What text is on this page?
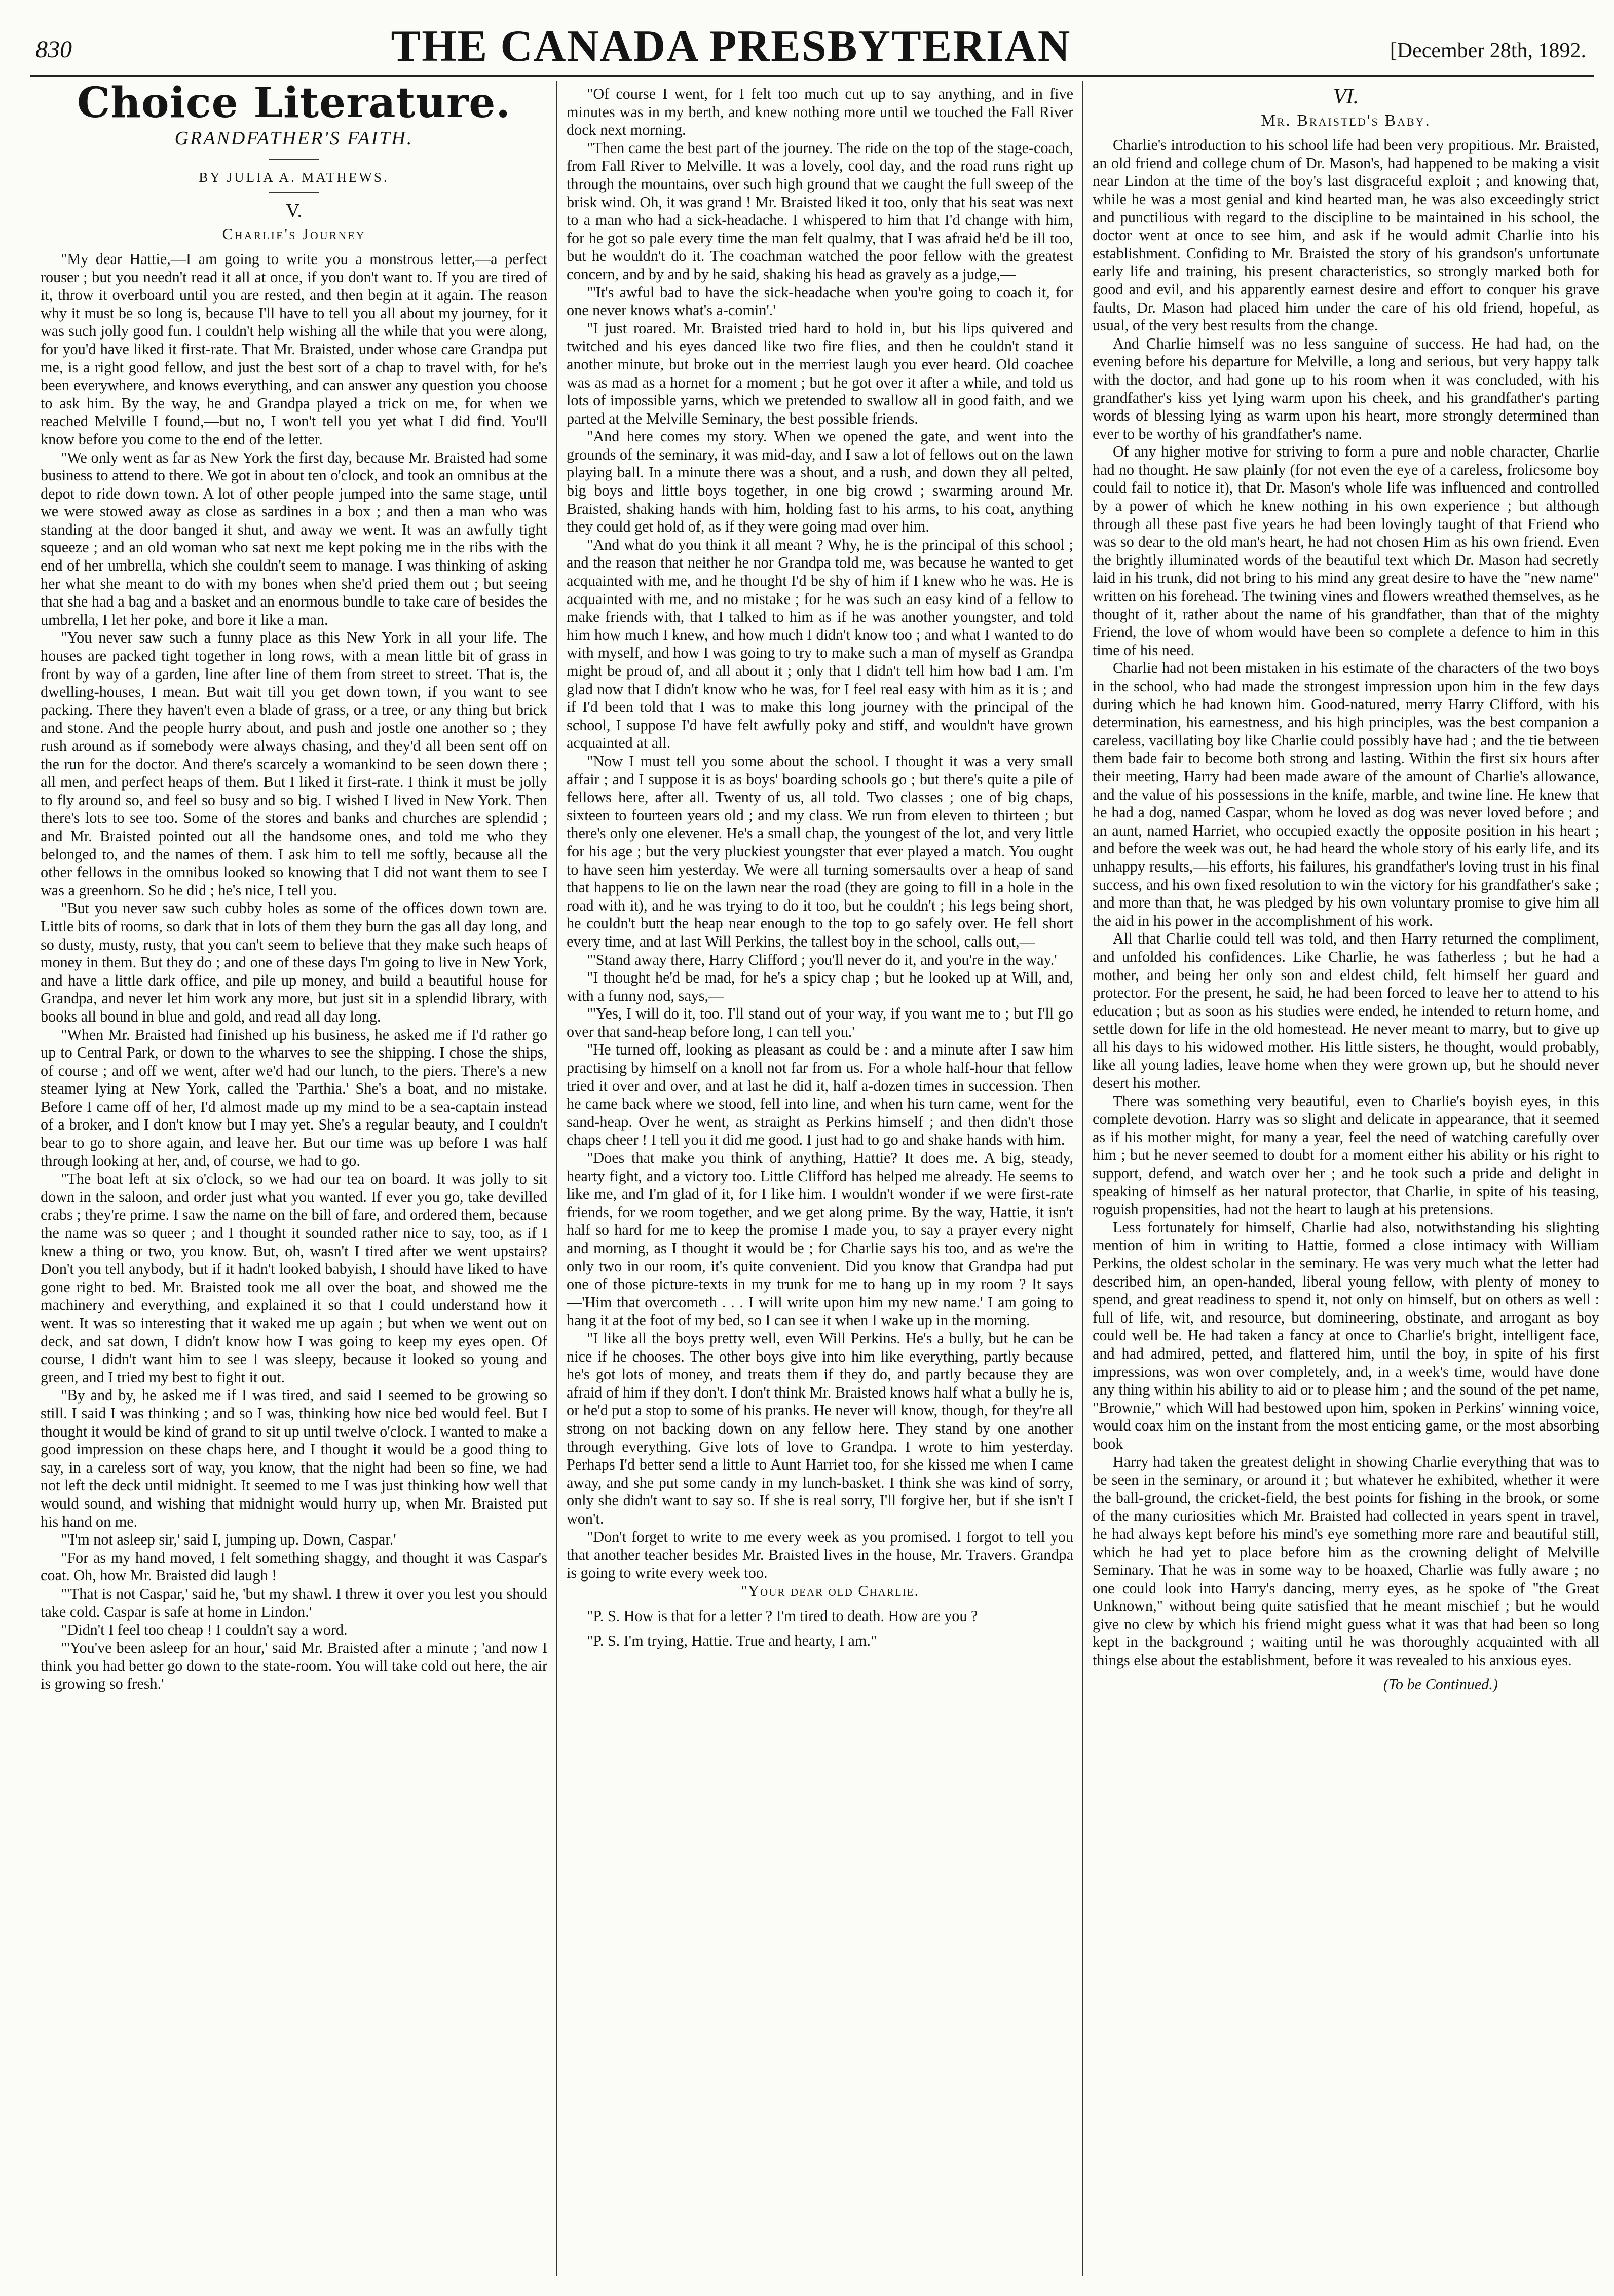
830	THE CANADA PRESBYTERIAN	[December 28th, 1892.
Choice Literature.
GRANDFATHER'S FAITH.
BY JULIA A. MATHEWS.
V.
Charlie's Journey

"My dear Hattie,—I am going to write you a monstrous letter,—a perfect rouser ; but you needn't read it all at once, if you don't want to. If you are tired of it, throw it overboard until you are rested, and then begin at it again. The reason why it must be so long is, because I'll have to tell you all about my journey, for it was such jolly good fun. I couldn't help wishing all the while that you were along, for you'd have liked it first-rate. That Mr. Braisted, under whose care Grandpa put me, is a right good fellow, and just the best sort of a chap to travel with, for he's been everywhere, and knows everything, and can answer any question you choose to ask him. By the way, he and Grandpa played a trick on me, for when we reached Melville I found,—but no, I won't tell you yet what I did find. You'll know before you come to the end of the letter.

"We only went as far as New York the first day, because Mr. Braisted had some business to attend to there. We got in about ten o'clock, and took an omnibus at the depot to ride down town. A lot of other people jumped into the same stage, until we were stowed away as close as sardines in a box ; and then a man who was standing at the door banged it shut, and away we went. It was an awfully tight squeeze ; and an old woman who sat next me kept poking me in the ribs with the end of her umbrella, which she couldn't seem to manage. I was thinking of asking her what she meant to do with my bones when she'd pried them out ; but seeing that she had a bag and a basket and an enormous bundle to take care of besides the umbrella, I let her poke, and bore it like a man.

"You never saw such a funny place as this New York in all your life. The houses are packed tight together in long rows, with a mean little bit of grass in front by way of a garden, line after line of them from street to street. That is, the dwelling-houses, I mean. But wait till you get down town, if you want to see packing. There they haven't even a blade of grass, or a tree, or any thing but brick and stone. And the people hurry about, and push and jostle one another so ; they rush around as if somebody were always chasing, and they'd all been sent off on the run for the doctor. And there's scarcely a womankind to be seen down there ; all men, and perfect heaps of them. But I liked it first-rate. I think it must be jolly to fly around so, and feel so busy and so big. I wished I lived in New York. Then there's lots to see too. Some of the stores and banks and churches are splendid ; and Mr. Braisted pointed out all the handsome ones, and told me who they belonged to, and the names of them. I ask him to tell me softly, because all the other fellows in the omnibus looked so knowing that I did not want them to see I was a greenhorn. So he did ; he's nice, I tell you.

"But you never saw such cubby holes as some of the offices down town are. Little bits of rooms, so dark that in lots of them they burn the gas all day long, and so dusty, musty, rusty, that you can't seem to believe that they make such heaps of money in them. But they do ; and one of these days I'm going to live in New York, and have a little dark office, and pile up money, and build a beautiful house for Grandpa, and never let him work any more, but just sit in a splendid library, with books all bound in blue and gold, and read all day long.

"When Mr. Braisted had finished up his business, he asked me if I'd rather go up to Central Park, or down to the wharves to see the shipping. I chose the ships, of course ; and off we went, after we'd had our lunch, to the piers. There's a new steamer lying at New York, called the 'Parthia.' She's a boat, and no mistake. Before I came off of her, I'd almost made up my mind to be a sea-captain instead of a broker, and I don't know but I may yet. She's a regular beauty, and I couldn't bear to go to shore again, and leave her. But our time was up before I was half through looking at her, and, of course, we had to go.

"The boat left at six o'clock, so we had our tea on board. It was jolly to sit down in the saloon, and order just what you wanted. If ever you go, take devilled crabs ; they're prime. I saw the name on the bill of fare, and ordered them, because the name was so queer ; and I thought it sounded rather nice to say, too, as if I knew a thing or two, you know. But, oh, wasn't I tired after we went upstairs? Don't you tell anybody, but if it hadn't looked babyish, I should have liked to have gone right to bed. Mr. Braisted took me all over the boat, and showed me the machinery and everything, and explained it so that I could understand how it went. It was so interesting that it waked me up again ; but when we went out on deck, and sat down, I didn't know how I was going to keep my eyes open. Of course, I didn't want him to see I was sleepy, because it looked so young and green, and I tried my best to fight it out.

"By and by, he asked me if I was tired, and said I seemed to be growing so still. I said I was thinking ; and so I was, thinking how nice bed would feel. But I thought it would be kind of grand to sit up until twelve o'clock. I wanted to make a good impression on these chaps here, and I thought it would be a good thing to say, in a careless sort of way, you know, that the night had been so fine, we had not left the deck until midnight. It seemed to me I was just thinking how well that would sound, and wishing that midnight would hurry up, when Mr. Braisted put his hand on me.

"'I'm not asleep sir,' said I, jumping up. Down, Caspar.'

"For as my hand moved, I felt something shaggy, and thought it was Caspar's coat. Oh, how Mr. Braisted did laugh !

"'That is not Caspar,' said he, 'but my shawl. I threw it over you lest you should take cold. Caspar is safe at home in Lindon.'

"Didn't I feel too cheap ! I couldn't say a word.

"'You've been asleep for an hour,' said Mr. Braisted after a minute ; 'and now I think you had better go down to the state-room. You will take cold out here, the air is growing so fresh.'

"Of course I went, for I felt too much cut up to say anything, and in five minutes was in my berth, and knew nothing more until we touched the Fall River dock next morning.

"Then came the best part of the journey. The ride on the top of the stage-coach, from Fall River to Melville. It was a lovely, cool day, and the road runs right up through the mountains, over such high ground that we caught the full sweep of the brisk wind. Oh, it was grand ! Mr. Braisted liked it too, only that his seat was next to a man who had a sick-headache. I whispered to him that I'd change with him, for he got so pale every time the man felt qualmy, that I was afraid he'd be ill too, but he wouldn't do it. The coachman watched the poor fellow with the greatest concern, and by and by he said, shaking his head as gravely as a judge,—

"'It's awful bad to have the sick-headache when you're going to coach it, for one never knows what's a-comin'.'

"I just roared. Mr. Braisted tried hard to hold in, but his lips quivered and twitched and his eyes danced like two fire flies, and then he couldn't stand it another minute, but broke out in the merriest laugh you ever heard. Old coachee was as mad as a hornet for a moment ; but he got over it after a while, and told us lots of impossible yarns, which we pretended to swallow all in good faith, and we parted at the Melville Seminary, the best possible friends.

"And here comes my story. When we opened the gate, and went into the grounds of the seminary, it was mid-day, and I saw a lot of fellows out on the lawn playing ball. In a minute there was a shout, and a rush, and down they all pelted, big boys and little boys together, in one big crowd ; swarming around Mr. Braisted, shaking hands with him, holding fast to his arms, to his coat, anything they could get hold of, as if they were going mad over him.

"And what do you think it all meant ? Why, he is the principal of this school ; and the reason that neither he nor Grandpa told me, was because he wanted to get acquainted with me, and he thought I'd be shy of him if I knew who he was. He is acquainted with me, and no mistake ; for he was such an easy kind of a fellow to make friends with, that I talked to him as if he was another youngster, and told him how much I knew, and how much I didn't know too ; and what I wanted to do with myself, and how I was going to try to make such a man of myself as Grandpa might be proud of, and all about it ; only that I didn't tell him how bad I am. I'm glad now that I didn't know who he was, for I feel real easy with him as it is ; and if I'd been told that I was to make this long journey with the principal of the school, I suppose I'd have felt awfully poky and stiff, and wouldn't have grown acquainted at all.

"Now I must tell you some about the school. I thought it was a very small affair ; and I suppose it is as boys' boarding schools go ; but there's quite a pile of fellows here, after all. Twenty of us, all told. Two classes ; one of big chaps, sixteen to fourteen years old ; and my class. We run from eleven to thirteen ; but there's only one elevener. He's a small chap, the youngest of the lot, and very little for his age ; but the very pluckiest youngster that ever played a match. You ought to have seen him yesterday. We were all turning somersaults over a heap of sand that happens to lie on the lawn near the road (they are going to fill in a hole in the road with it), and he was trying to do it too, but he couldn't ; his legs being short, he couldn't butt the heap near enough to the top to go safely over. He fell short every time, and at last Will Perkins, the tallest boy in the school, calls out,—

"'Stand away there, Harry Clifford ; you'll never do it, and you're in the way.'

"I thought he'd be mad, for he's a spicy chap ; but he looked up at Will, and, with a funny nod, says,—

"'Yes, I will do it, too. I'll stand out of your way, if you want me to ; but I'll go over that sand-heap before long, I can tell you.'

"He turned off, looking as pleasant as could be : and a minute after I saw him practising by himself on a knoll not far from us. For a whole half-hour that fellow tried it over and over, and at last he did it, half a-dozen times in succession. Then he came back where we stood, fell into line, and when his turn came, went for the sand-heap. Over he went, as straight as Perkins himself ; and then didn't those chaps cheer ! I tell you it did me good. I just had to go and shake hands with him.

"Does that make you think of anything, Hattie? It does me. A big, steady, hearty fight, and a victory too. Little Clifford has helped me already. He seems to like me, and I'm glad of it, for I like him. I wouldn't wonder if we were first-rate friends, for we room together, and we get along prime. By the way, Hattie, it isn't half so hard for me to keep the promise I made you, to say a prayer every night and morning, as I thought it would be ; for Charlie says his too, and as we're the only two in our room, it's quite convenient. Did you know that Grandpa had put one of those picture-texts in my trunk for me to hang up in my room ? It says—'Him that overcometh . . . I will write upon him my new name.' I am going to hang it at the foot of my bed, so I can see it when I wake up in the morning.

"I like all the boys pretty well, even Will Perkins. He's a bully, but he can be nice if he chooses. The other boys give into him like everything, partly because he's got lots of money, and treats them if they do, and partly because they are afraid of him if they don't. I don't think Mr. Braisted knows half what a bully he is, or he'd put a stop to some of his pranks. He never will know, though, for they're all strong on not backing down on any fellow here. They stand by one another through everything. Give lots of love to Grandpa. I wrote to him yesterday. Perhaps I'd better send a little to Aunt Harriet too, for she kissed me when I came away, and she put some candy in my lunch-basket. I think she was kind of sorry, only she didn't want to say so. If she is real sorry, I'll forgive her, but if she isn't I won't.

"Don't forget to write to me every week as you promised. I forgot to tell you that another teacher besides Mr. Braisted lives in the house, Mr. Travers. Grandpa is going to write every week too.

"Your dear old Charlie.

"P. S. How is that for a letter ? I'm tired to death. How are you ?

"P. S. I'm trying, Hattie. True and hearty, I am."

VI.
Mr. Braisted's Baby.

Charlie's introduction to his school life had been very propitious. Mr. Braisted, an old friend and college chum of Dr. Mason's, had happened to be making a visit near Lindon at the time of the boy's last disgraceful exploit ; and knowing that, while he was a most genial and kind hearted man, he was also exceedingly strict and punctilious with regard to the discipline to be maintained in his school, the doctor went at once to see him, and ask if he would admit Charlie into his establishment. Confiding to Mr. Braisted the story of his grandson's unfortunate early life and training, his present characteristics, so strongly marked both for good and evil, and his apparently earnest desire and effort to conquer his grave faults, Dr. Mason had placed him under the care of his old friend, hopeful, as usual, of the very best results from the change.

And Charlie himself was no less sanguine of success. He had had, on the evening before his departure for Melville, a long and serious, but very happy talk with the doctor, and had gone up to his room when it was concluded, with his grandfather's kiss yet lying warm upon his cheek, and his grandfather's parting words of blessing lying as warm upon his heart, more strongly determined than ever to be worthy of his grandfather's name.

Of any higher motive for striving to form a pure and noble character, Charlie had no thought. He saw plainly (for not even the eye of a careless, frolicsome boy could fail to notice it), that Dr. Mason's whole life was influenced and controlled by a power of which he knew nothing in his own experience ; but although through all these past five years he had been lovingly taught of that Friend who was so dear to the old man's heart, he had not chosen Him as his own friend. Even the brightly illuminated words of the beautiful text which Dr. Mason had secretly laid in his trunk, did not bring to his mind any great desire to have the "new name" written on his forehead. The twining vines and flowers wreathed themselves, as he thought of it, rather about the name of his grandfather, than that of the mighty Friend, the love of whom would have been so complete a defence to him in this time of his need.

Charlie had not been mistaken in his estimate of the characters of the two boys in the school, who had made the strongest impression upon him in the few days during which he had known him. Good-natured, merry Harry Clifford, with his determination, his earnestness, and his high principles, was the best companion a careless, vacillating boy like Charlie could possibly have had ; and the tie between them bade fair to become both strong and lasting. Within the first six hours after their meeting, Harry had been made aware of the amount of Charlie's allowance, and the value of his possessions in the knife, marble, and twine line. He knew that he had a dog, named Caspar, whom he loved as dog was never loved before ; and an aunt, named Harriet, who occupied exactly the opposite position in his heart ; and before the week was out, he had heard the whole story of his early life, and its unhappy results,—his efforts, his failures, his grandfather's loving trust in his final success, and his own fixed resolution to win the victory for his grandfather's sake ; and more than that, he was pledged by his own voluntary promise to give him all the aid in his power in the accomplishment of his work.

All that Charlie could tell was told, and then Harry returned the compliment, and unfolded his confidences. Like Charlie, he was fatherless ; but he had a mother, and being her only son and eldest child, felt himself her guard and protector. For the present, he said, he had been forced to leave her to attend to his education ; but as soon as his studies were ended, he intended to return home, and settle down for life in the old homestead. He never meant to marry, but to give up all his days to his widowed mother. His little sisters, he thought, would probably, like all young ladies, leave home when they were grown up, but he should never desert his mother.

There was something very beautiful, even to Charlie's boyish eyes, in this complete devotion. Harry was so slight and delicate in appearance, that it seemed as if his mother might, for many a year, feel the need of watching carefully over him ; but he never seemed to doubt for a moment either his ability or his right to support, defend, and watch over her ; and he took such a pride and delight in speaking of himself as her natural protector, that Charlie, in spite of his teasing, roguish propensities, had not the heart to laugh at his pretensions.

Less fortunately for himself, Charlie had also, notwithstanding his slighting mention of him in writing to Hattie, formed a close intimacy with William Perkins, the oldest scholar in the seminary. He was very much what the letter had described him, an open-handed, liberal young fellow, with plenty of money to spend, and great readiness to spend it, not only on himself, but on others as well : full of life, wit, and resource, but domineering, obstinate, and arrogant as boy could well be. He had taken a fancy at once to Charlie's bright, intelligent face, and had admired, petted, and flattered him, until the boy, in spite of his first impressions, was won over completely, and, in a week's time, would have done any thing within his ability to aid or to please him ; and the sound of the pet name, "Brownie," which Will had bestowed upon him, spoken in Perkins' winning voice, would coax him on the instant from the most enticing game, or the most absorbing book

Harry had taken the greatest delight in showing Charlie everything that was to be seen in the seminary, or around it ; but whatever he exhibited, whether it were the ball-ground, the cricket-field, the best points for fishing in the brook, or some of the many curiosities which Mr. Braisted had collected in years spent in travel, he had always kept before his mind's eye something more rare and beautiful still, which he had yet to place before him as the crowning delight of Melville Seminary. That he was in some way to be hoaxed, Charlie was fully aware ; no one could look into Harry's dancing, merry eyes, as he spoke of "the Great Unknown," without being quite satisfied that he meant mischief ; but he would give no clew by which his friend might guess what it was that had been so long kept in the background ; waiting until he was thoroughly acquainted with all things else about the establishment, before it was revealed to his anxious eyes.

(To be Continued.)
